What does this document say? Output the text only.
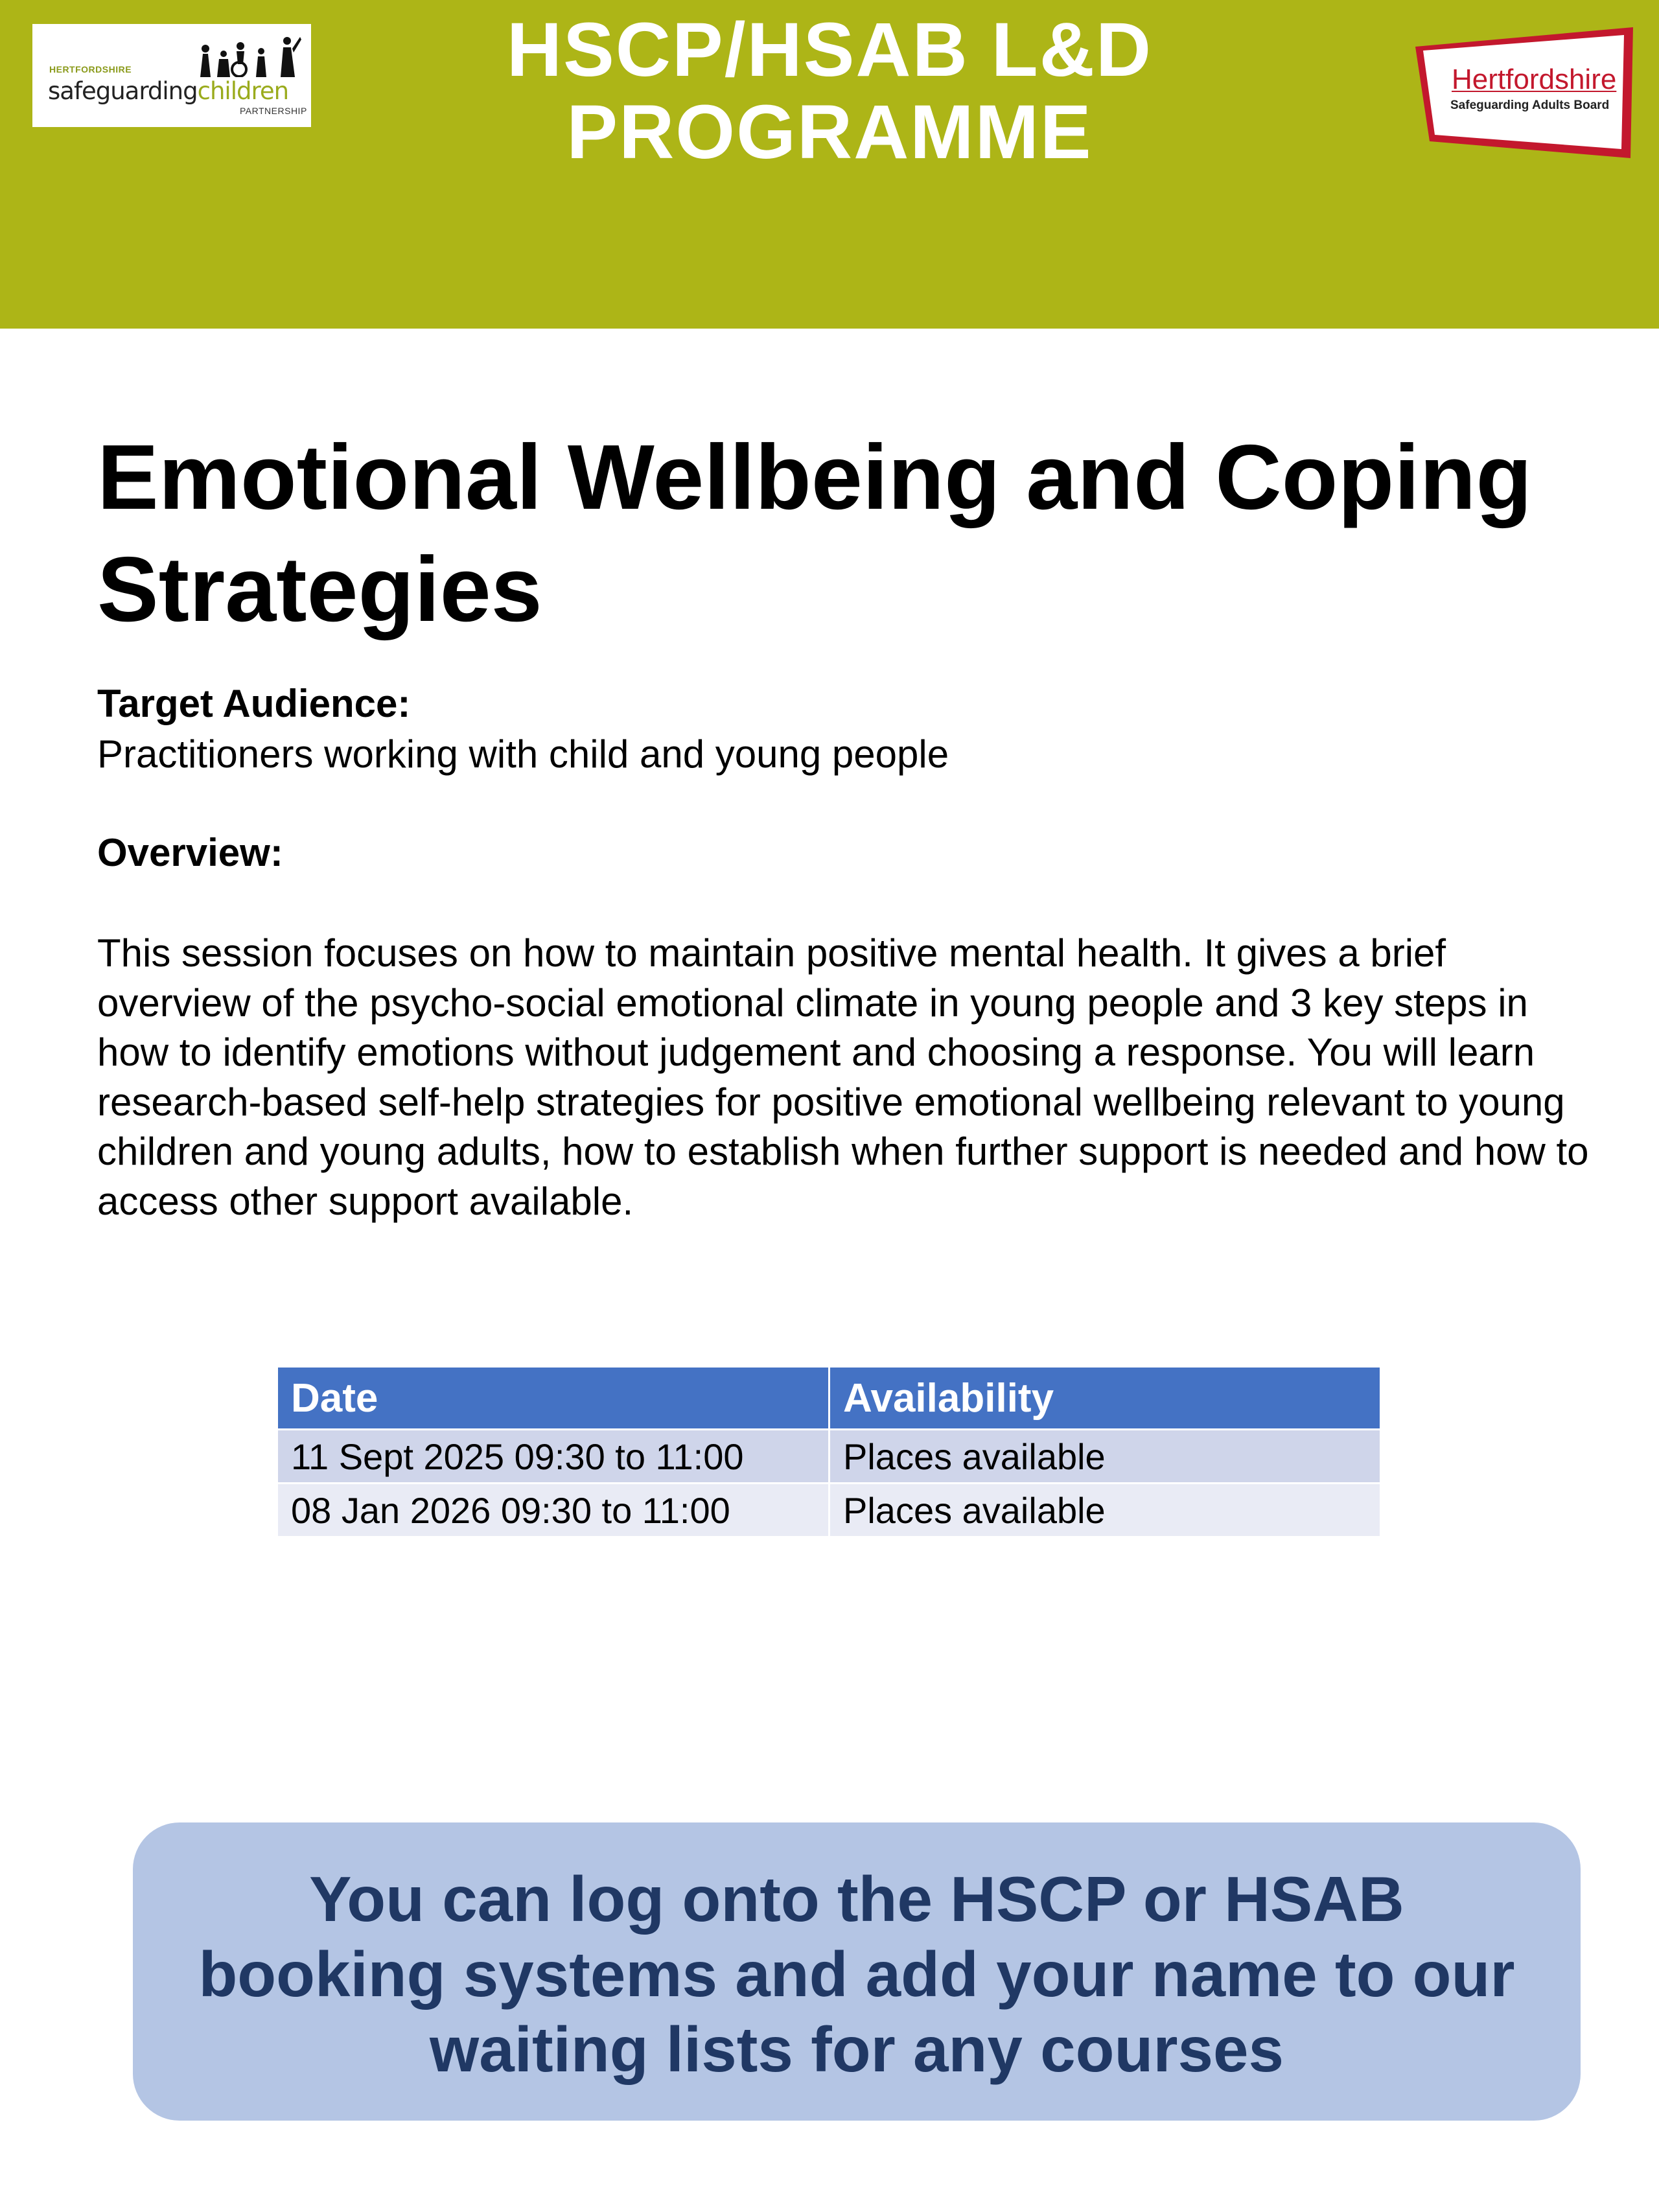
HERTFORDSHIRE
safeguardingchildren
PARTNERSHIP
HSCP/HSAB L&D
PROGRAMME
Hertfordshire
Safeguarding Adults Board
Emotional Wellbeing and Coping Strategies
Target Audience:
Practitioners working with child and young people
Overview:
This session focuses on how to maintain positive mental health. It gives a brief overview of the psycho-social emotional climate in young people and 3 key steps in how to identify emotions without judgement and choosing a response. You will learn research-based self-help strategies for positive emotional wellbeing relevant to young children and young adults, how to establish when further support is needed and how to access other support available.
Date	Availability
11 Sept 2025 09:30 to 11:00	Places available
08 Jan 2026 09:30 to 11:00	Places available
You can log onto the HSCP or HSAB booking systems and add your name to our waiting lists for any courses
